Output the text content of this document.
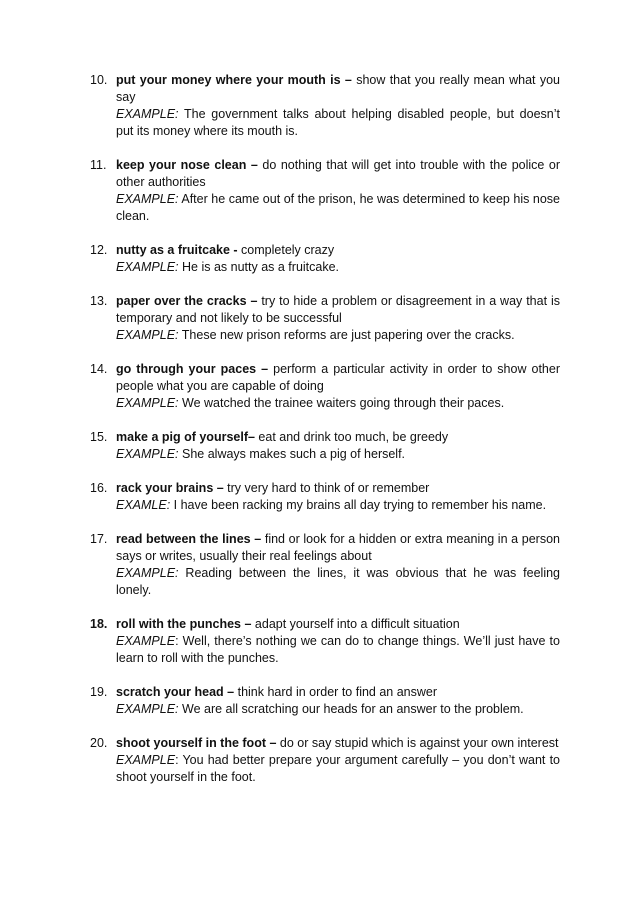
10. put your money where your mouth is – show that you really mean what you say
EXAMPLE: The government talks about helping disabled people, but doesn’t put its money where its mouth is.
11. keep your nose clean – do nothing that will get into trouble with the police or other authorities
EXAMPLE: After he came out of the prison, he was determined to keep his nose clean.
12. nutty as a fruitcake - completely crazy
EXAMPLE: He is as nutty as a fruitcake.
13. paper over the cracks – try to hide a problem or disagreement in a way that is temporary and not likely to be successful
EXAMPLE: These new prison reforms are just papering over the cracks.
14. go through your paces – perform a particular activity in order to show other people what you are capable of doing
EXAMPLE: We watched the trainee waiters going through their paces.
15. make a pig of yourself– eat and drink too much, be greedy
EXAMPLE: She always makes such a pig of herself.
16. rack your brains – try very hard to think of or remember
EXAMLE: I have been racking my brains all day trying to remember his name.
17. read between the lines – find or look for a hidden or extra meaning in a person says or writes, usually their real feelings about
EXAMPLE: Reading between the lines, it was obvious that he was feeling lonely.
18. roll with the punches – adapt yourself into a difficult situation
EXAMPLE: Well, there’s nothing we can do to change things. We’ll just have to learn to roll with the punches.
19. scratch your head – think hard in order to find an answer
EXAMPLE: We are all scratching our heads for an answer to the problem.
20. shoot yourself in the foot – do or say stupid which is against your own interest
EXAMPLE: You had better prepare your argument carefully – you don’t want to shoot yourself in the foot.
